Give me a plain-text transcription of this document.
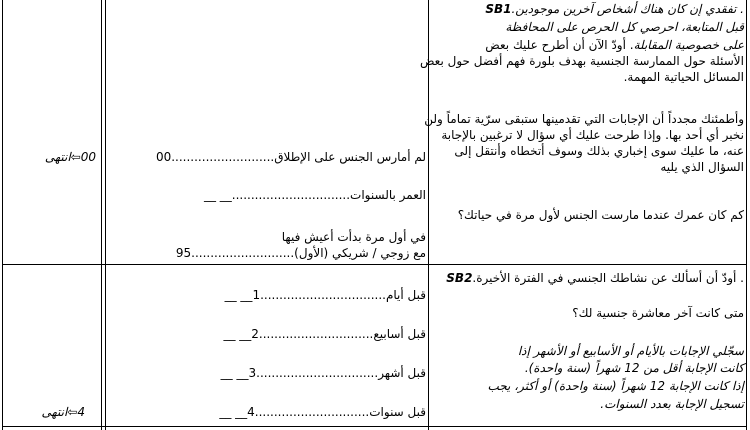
. تفقدي إن كان هناك أشخاص آخرين موجودين.SB1
قبل المتابعة، احرصي كل الحرص على المحافظة
على خصوصية المقابلة. أودّ الآن أن أطرح عليك بعض
الأسئلة حول الممارسة الجنسية بهدف بلورة فهم أفضل حول بعض
المسائل الحياتية المهمة.
وأطمئنك مجدداً أن الإجابات التي تقدمينها ستبقى سرّية تماماً ولن
نخبر أي أحد بها. وإذا طرحت عليك أي سؤال لا ترغبين بالإجابة
عنه، ما عليك سوى إخباري بذلك وسوف أتخطاه وأنتقل إلى
السؤال الذي يليه
كم كان عمرك عندما مارست الجنس لأول مرة في حياتك؟
لم أمارس الجنس على الإطلاق...........................00
العمر بالسنوات...............................__ __
في أول مرة بدأت أعيش فيها
مع زوجي / شريكي (الأول)...........................95
00⇦انتهى
. أودّ أن أسألك عن نشاطك الجنسي في الفترة الأخيرة.SB2
متى كانت آخر معاشرة جنسية لك؟
سجّلي الإجابات بالأيام أو الأسابيع أو الأشهر إذا
كانت الإجابة أقل من 12 شهراً (سنة واحدة).
إذا كانت الإجابة 12 شهراً (سنة واحدة) أو أكثر، يجب
تسجيل الإجابة بعدد السنوات.
قبل أيام.................................1__ __
قبل أسابيع..............................2__ __
قبل أشهر................................3__ __
قبل سنوات..............................4__ __
4⇦انتهى
